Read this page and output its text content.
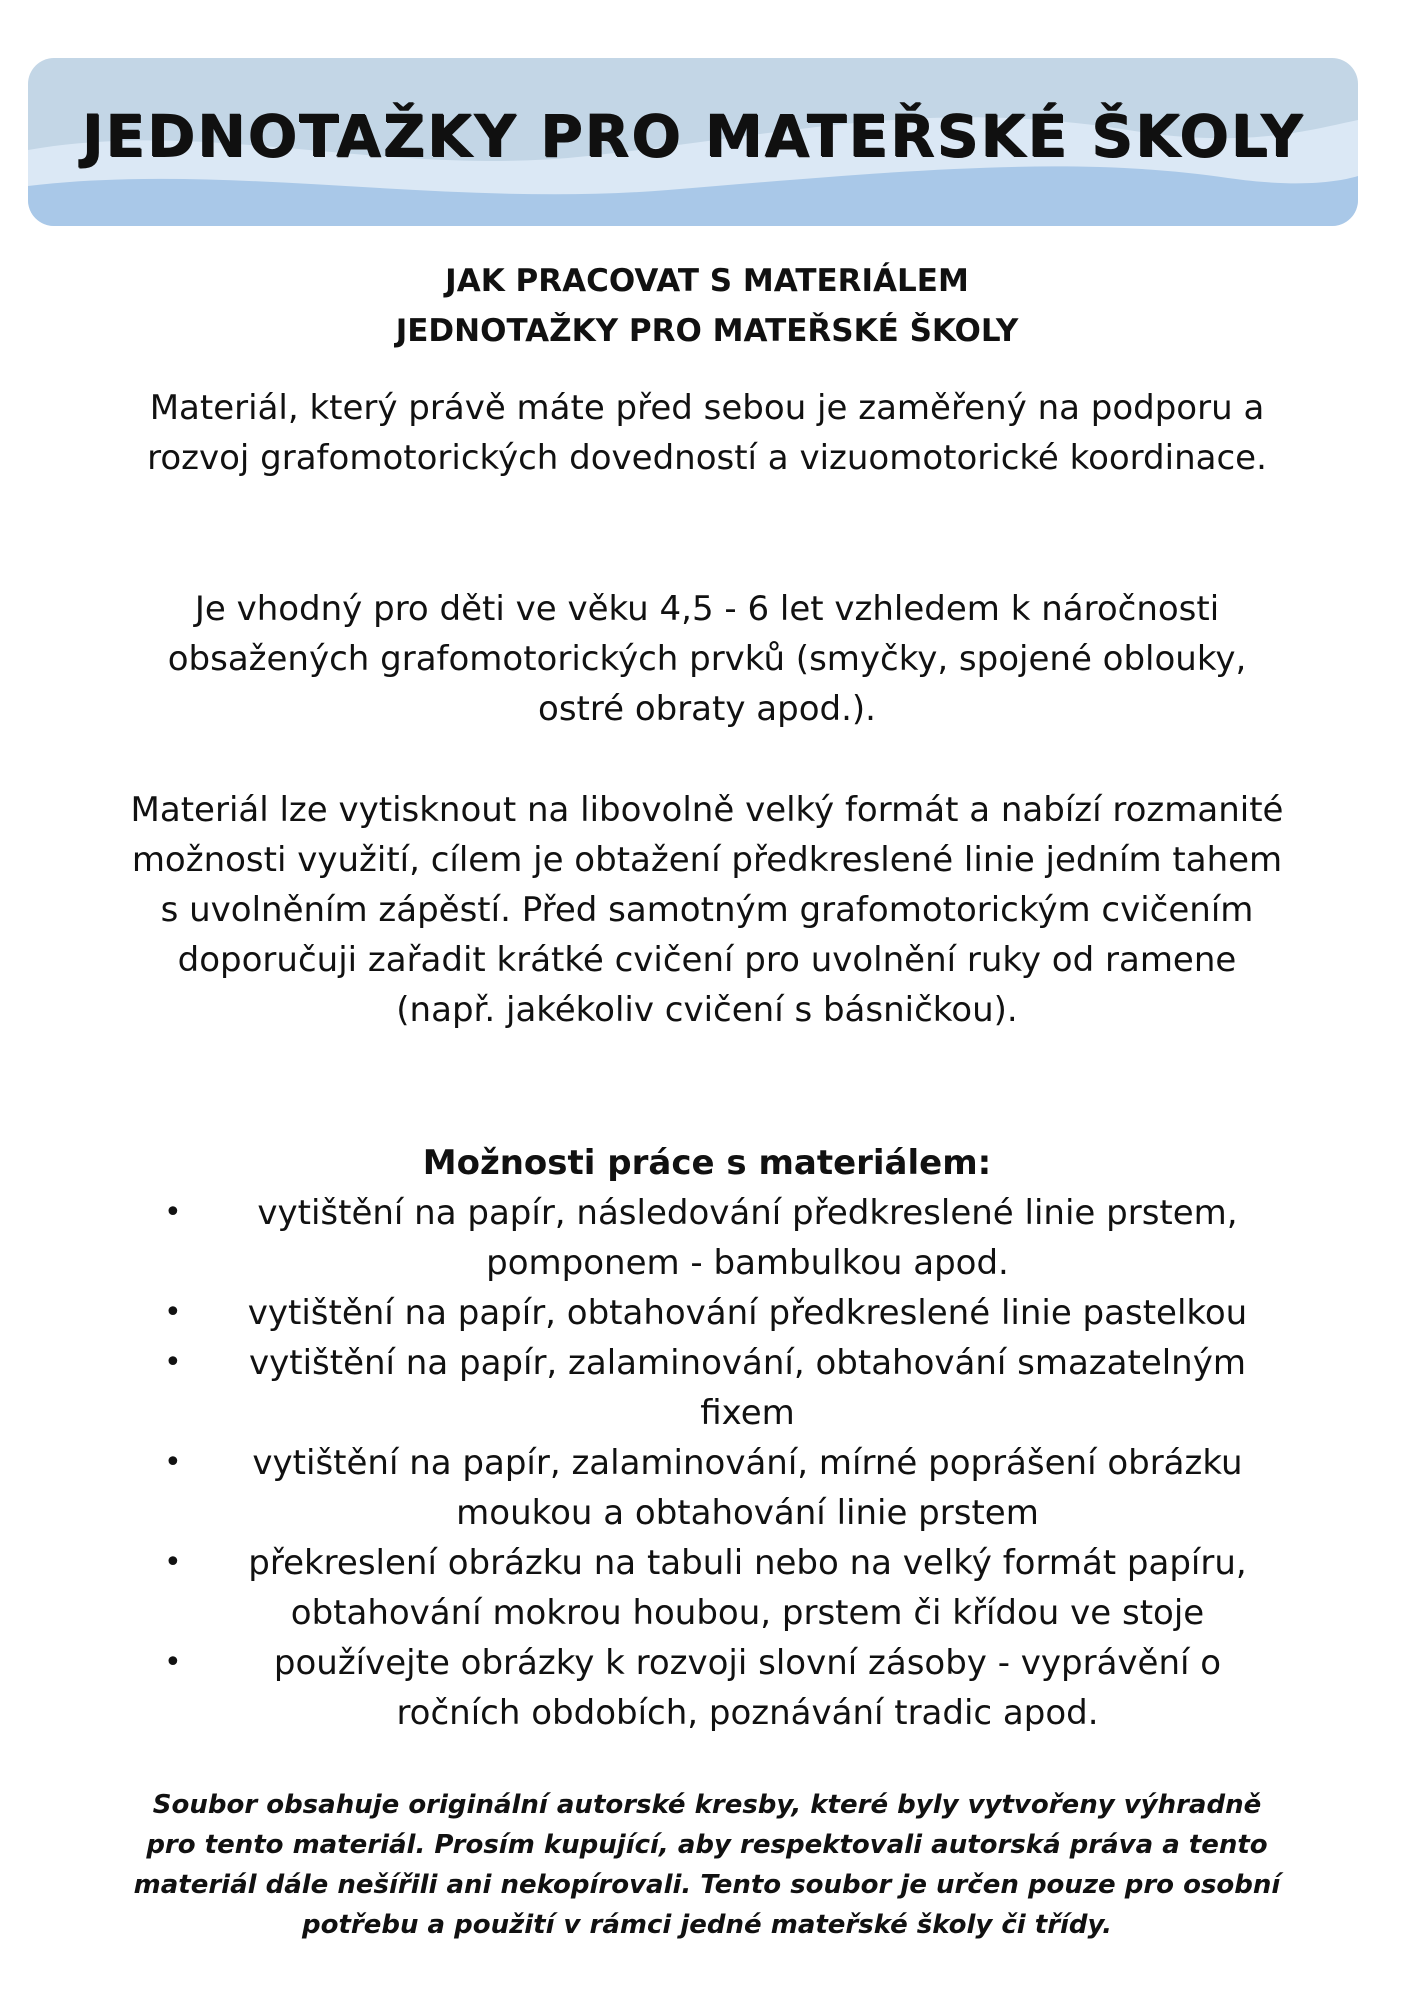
JEDNOTAŽKY PRO MATEŘSKÉ ŠKOLY
JAK PRACOVAT S MATERIÁLEM
JEDNOTAŽKY PRO MATEŘSKÉ ŠKOLY
Materiál, který právě máte před sebou je zaměřený na podporu a rozvoj grafomotorických dovedností a vizuomotorické koordinace.
Je vhodný pro děti ve věku 4,5 - 6 let vzhledem k náročnosti obsažených grafomotorických prvků (smyčky, spojené oblouky, ostré obraty apod.).
Materiál lze vytisknout na libovolně velký formát a nabízí rozmanité možnosti využití, cílem je obtažení předkreslené linie jedním tahem s uvolněním zápěstí. Před samotným grafomotorickým cvičením doporučuji zařadit krátké cvičení pro uvolnění ruky od ramene (např. jakékoliv cvičení s básničkou).
Možnosti práce s materiálem:
• vytištění na papír, následování předkreslené linie prstem, pomponem - bambulkou apod.
• vytištění na papír, obtahování předkreslené linie pastelkou
• vytištění na papír, zalaminování, obtahování smazatelným fixem
• vytištění na papír, zalaminování, mírné poprášení obrázku moukou a obtahování linie prstem
• překreslení obrázku na tabuli nebo na velký formát papíru, obtahování mokrou houbou, prstem či křídou ve stoje
•	používejte obrázky k rozvoji slovní zásoby - vyprávění o ročních obdobích, poznávání tradic apod.
Soubor obsahuje originální autorské kresby, které byly vytvořeny výhradně pro tento materiál. Prosím kupující, aby respektovali autorská práva a tento materiál dále nešířili ani nekopírovali. Tento soubor je určen pouze pro osobní potřebu a použití v rámci jedné mateřské školy či třídy.
